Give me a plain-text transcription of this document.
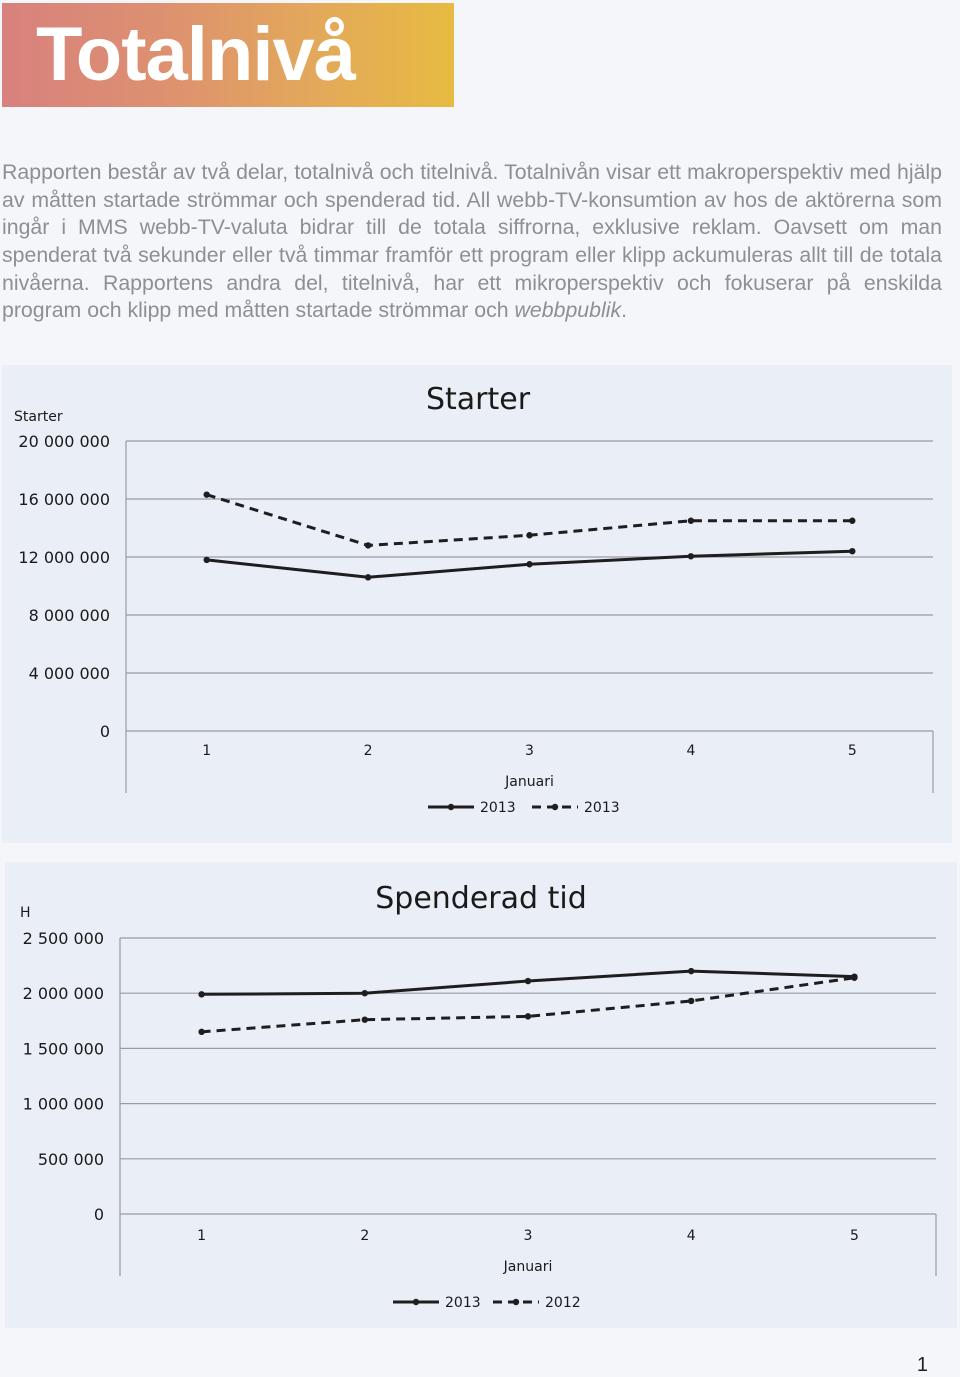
Totalnivå

Rapporten består av två delar, totalnivå och titelnivå. Totalnivån visar ett makroperspektiv med hjälp av måtten startade strömmar och spenderad tid. All webb-TV-konsumtion av hos de aktörerna som ingår i MMS webb-TV-valuta bidrar till de totala siffrorna, exklusive reklam. Oavsett om man spenderat två sekunder eller två timmar framför ett program eller klipp ackumuleras allt till de totala nivåerna. Rapportens andra del, titelnivå, har ett mikroperspektiv och fokuserar på enskilda program och klipp med måtten startade strömmar och webbpublik.

Starter
Starter
20 000 000
16 000 000
12 000 000
8 000 000
4 000 000
0
1	2	3	4	5
Januari
2013	2013
Spenderad tid
H
2 500 000
2 000 000
1 500 000
1 000 000
500 000
0
1	2	3	4	5
Januari
2013	2012
1
